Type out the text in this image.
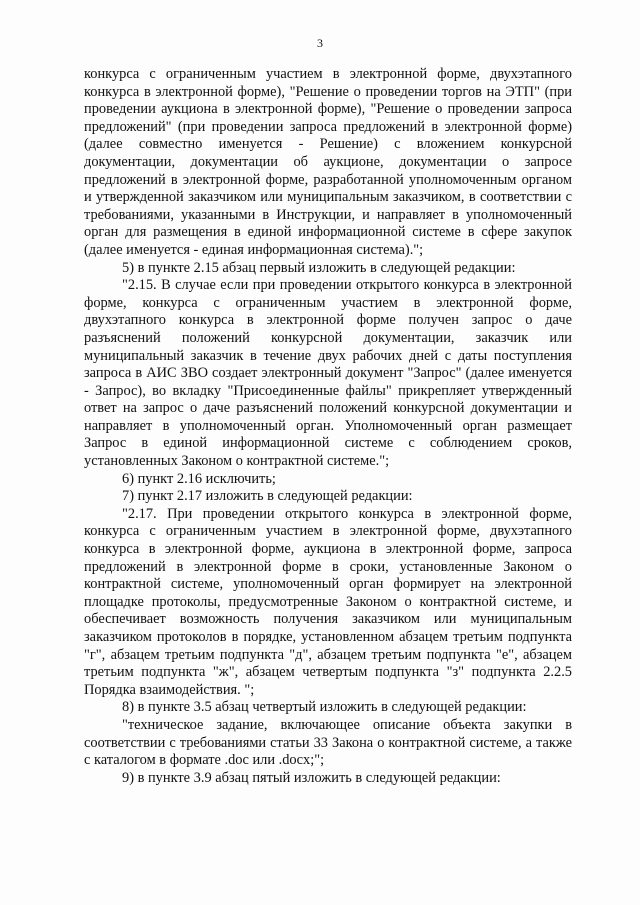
3

конкурса с ограниченным участием в электронной форме, двухэтапного конкурса в электронной форме), "Решение о проведении торгов на ЭТП" (при проведении аукциона в электронной форме), "Решение о проведении запроса предложений" (при проведении запроса предложений в электронной форме) (далее совместно именуется - Решение) с вложением конкурсной документации, документации об аукционе, документации о запросе предложений в электронной форме, разработанной уполномоченным органом и утвержденной заказчиком или муниципальным заказчиком, в соответствии с требованиями, указанными в Инструкции, и направляет в уполномоченный орган для размещения в единой информационной системе в сфере закупок (далее именуется - единая информационная система).";

5) в пункте 2.15 абзац первый изложить в следующей редакции:

"2.15. В случае если при проведении открытого конкурса в электронной форме, конкурса с ограниченным участием в электронной форме, двухэтапного конкурса в электронной форме получен запрос о даче разъяснений положений конкурсной документации, заказчик или муниципальный заказчик в течение двух рабочих дней с даты поступления запроса в АИС ЗВО создает электронный документ "Запрос" (далее именуется - Запрос), во вкладку "Присоединенные файлы" прикрепляет утвержденный ответ на запрос о даче разъяснений положений конкурсной документации и направляет в уполномоченный орган. Уполномоченный орган размещает Запрос в единой информационной системе с соблюдением сроков, установленных Законом о контрактной системе.";

6) пункт 2.16 исключить;

7) пункт 2.17 изложить в следующей редакции:

"2.17. При проведении открытого конкурса в электронной форме, конкурса с ограниченным участием в электронной форме, двухэтапного конкурса в электронной форме, аукциона в электронной форме, запроса предложений в электронной форме в сроки, установленные Законом о контрактной системе, уполномоченный орган формирует на электронной площадке протоколы, предусмотренные Законом о контрактной системе, и обеспечивает возможность получения заказчиком или муниципальным заказчиком протоколов в порядке, установленном абзацем третьим подпункта "г", абзацем третьим подпункта "д", абзацем третьим подпункта "е", абзацем третьим подпункта "ж", абзацем четвертым подпункта "з" подпункта 2.2.5 Порядка взаимодействия. ";

8) в пункте 3.5 абзац четвертый изложить в следующей редакции:

"техническое задание, включающее описание объекта закупки в соответствии с требованиями статьи 33 Закона о контрактной системе, а также с каталогом в формате .doc или .docx;";

9) в пункте 3.9 абзац пятый изложить в следующей редакции:
